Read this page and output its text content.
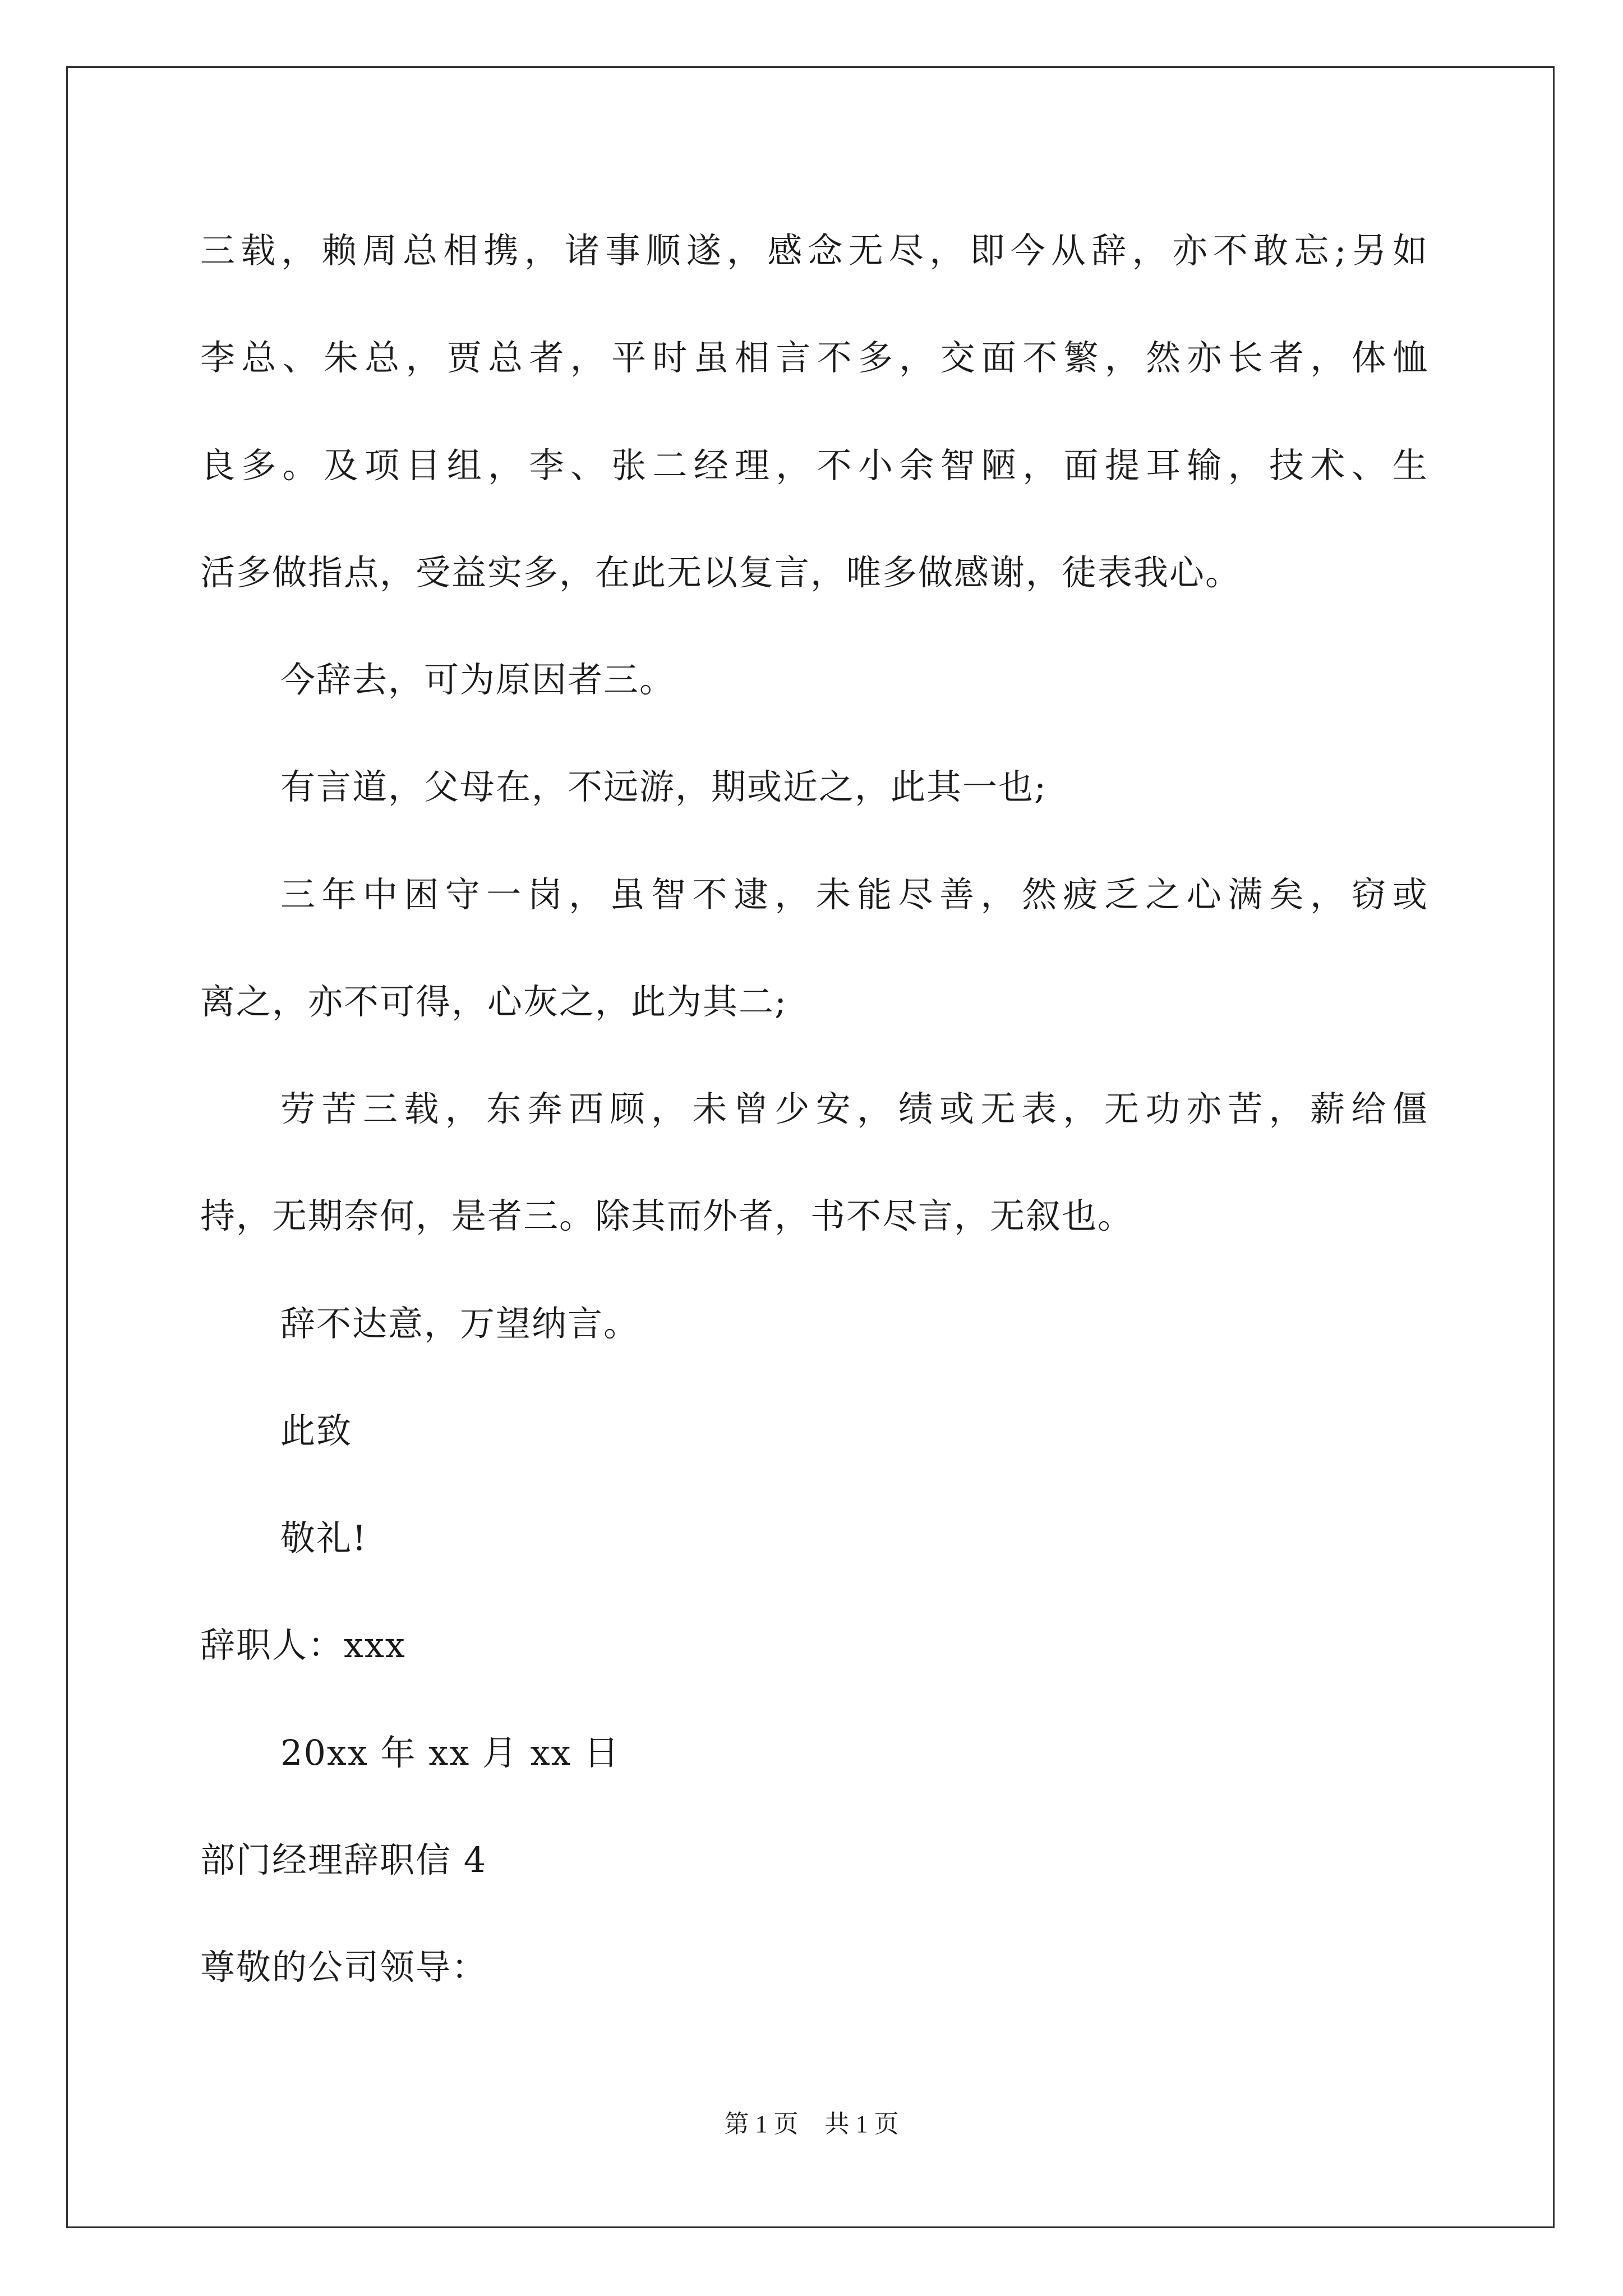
三载，赖周总相携，诸事顺遂，感念无尽，即今从辞，亦不敢忘;另如
李总、朱总，贾总者，平时虽相言不多，交面不繁，然亦长者，体恤
良多。及项目组，李、张二经理，不小余智陋，面提耳输，技术、生
活多做指点，受益实多，在此无以复言，唯多做感谢，徒表我心。
今辞去，可为原因者三。
有言道，父母在，不远游，期或近之，此其一也;
三年中困守一岗，虽智不逮，未能尽善，然疲乏之心满矣，窃或
离之，亦不可得，心灰之，此为其二;
劳苦三载，东奔西顾，未曾少安，绩或无表，无功亦苦，薪给僵
持，无期奈何，是者三。除其而外者，书不尽言，无叙也。
辞不达意，万望纳言。
此致
敬礼!
辞职人：xxx
20xx 年 xx 月 xx 日
部门经理辞职信 4
尊敬的公司领导：
第 1 页 共 1 页
